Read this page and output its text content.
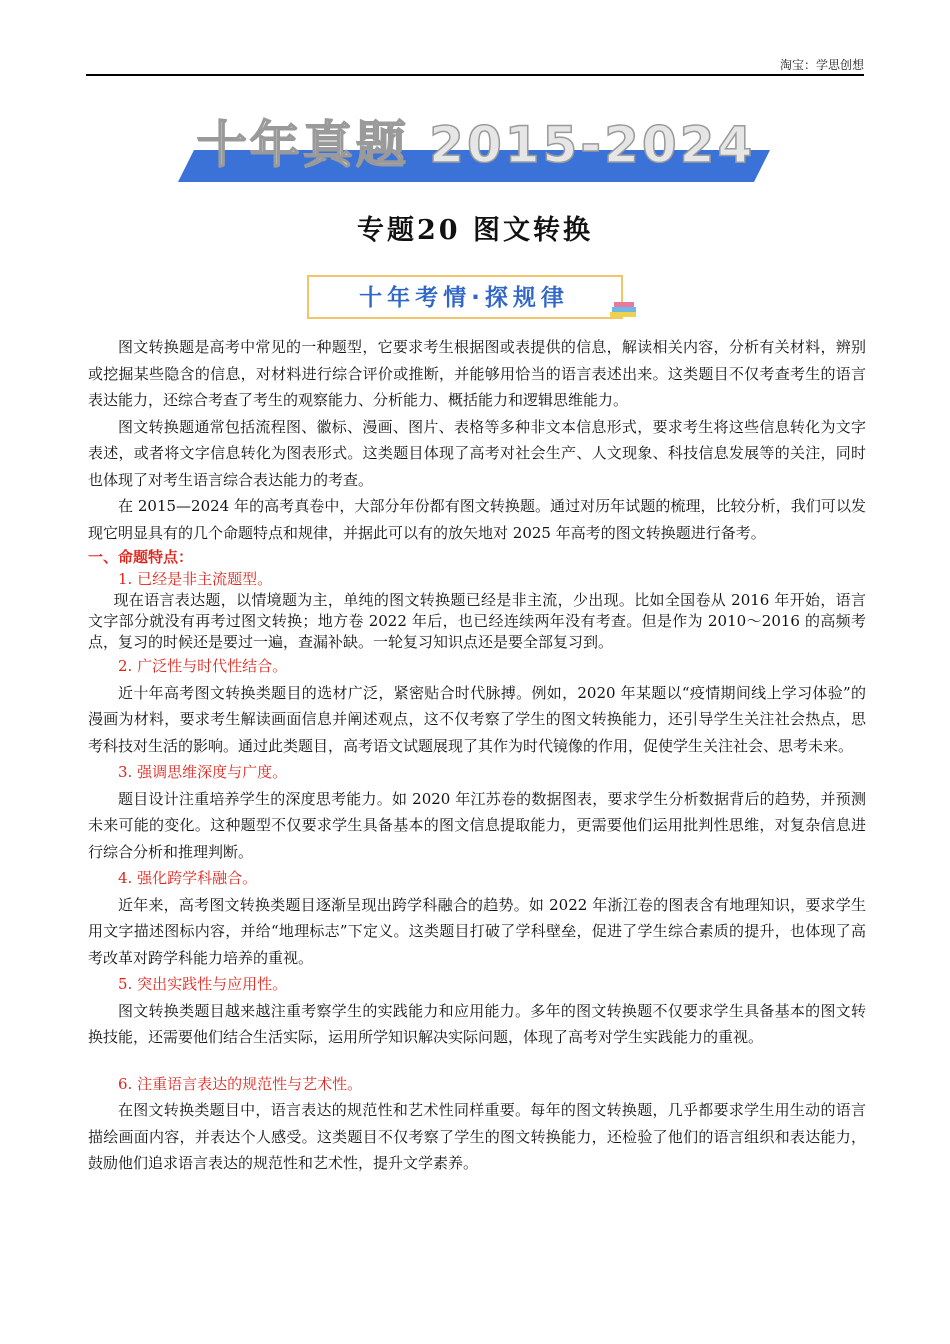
淘宝：学思创想
十年真题 2015-2024
专题20 图文转换
十年考情·探规律

图文转换题是高考中常见的一种题型，它要求考生根据图或表提供的信息，解读相关内容，分析有关材料，辨别或挖掘某些隐含的信息，对材料进行综合评价或推断，并能够用恰当的语言表述出来。这类题目不仅考查考生的语言表达能力，还综合考查了考生的观察能力、分析能力、概括能力和逻辑思维能力。

图文转换题通常包括流程图、徽标、漫画、图片、表格等多种非文本信息形式，要求考生将这些信息转化为文字表述，或者将文字信息转化为图表形式。这类题目体现了高考对社会生产、人文现象、科技信息发展等的关注，同时也体现了对考生语言综合表达能力的考查。

在 2015—2024 年的高考真卷中，大部分年份都有图文转换题。通过对历年试题的梳理，比较分析，我们可以发现它明显具有的几个命题特点和规律，并据此可以有的放矢地对 2025 年高考的图文转换题进行备考。

一、命题特点：

1. 已经是非主流题型。

现在语言表达题，以情境题为主，单纯的图文转换题已经是非主流，少出现。比如全国卷从 2016 年开始，语言文字部分就没有再考过图文转换；地方卷 2022 年后，也已经连续两年没有考查。但是作为 2010～2016 的高频考点，复习的时候还是要过一遍，查漏补缺。一轮复习知识点还是要全部复习到。

2. 广泛性与时代性结合。

近十年高考图文转换类题目的选材广泛，紧密贴合时代脉搏。例如，2020 年某题以“疫情期间线上学习体验”的漫画为材料，要求考生解读画面信息并阐述观点，这不仅考察了学生的图文转换能力，还引导学生关注社会热点，思考科技对生活的影响。通过此类题目，高考语文试题展现了其作为时代镜像的作用，促使学生关注社会、思考未来。

3. 强调思维深度与广度。

题目设计注重培养学生的深度思考能力。如 2020 年江苏卷的数据图表，要求学生分析数据背后的趋势，并预测未来可能的变化。这种题型不仅要求学生具备基本的图文信息提取能力，更需要他们运用批判性思维，对复杂信息进行综合分析和推理判断。

4. 强化跨学科融合。

近年来，高考图文转换类题目逐渐呈现出跨学科融合的趋势。如 2022 年浙江卷的图表含有地理知识，要求学生用文字描述图标内容，并给“地理标志”下定义。这类题目打破了学科壁垒，促进了学生综合素质的提升，也体现了高考改革对跨学科能力培养的重视。

5. 突出实践性与应用性。

图文转换类题目越来越注重考察学生的实践能力和应用能力。多年的图文转换题不仅要求学生具备基本的图文转换技能，还需要他们结合生活实际，运用所学知识解决实际问题，体现了高考对学生实践能力的重视。

6. 注重语言表达的规范性与艺术性。

在图文转换类题目中，语言表达的规范性和艺术性同样重要。每年的图文转换题，几乎都要求学生用生动的语言描绘画面内容，并表达个人感受。这类题目不仅考察了学生的图文转换能力，还检验了他们的语言组织和表达能力，鼓励他们追求语言表达的规范性和艺术性，提升文学素养。
